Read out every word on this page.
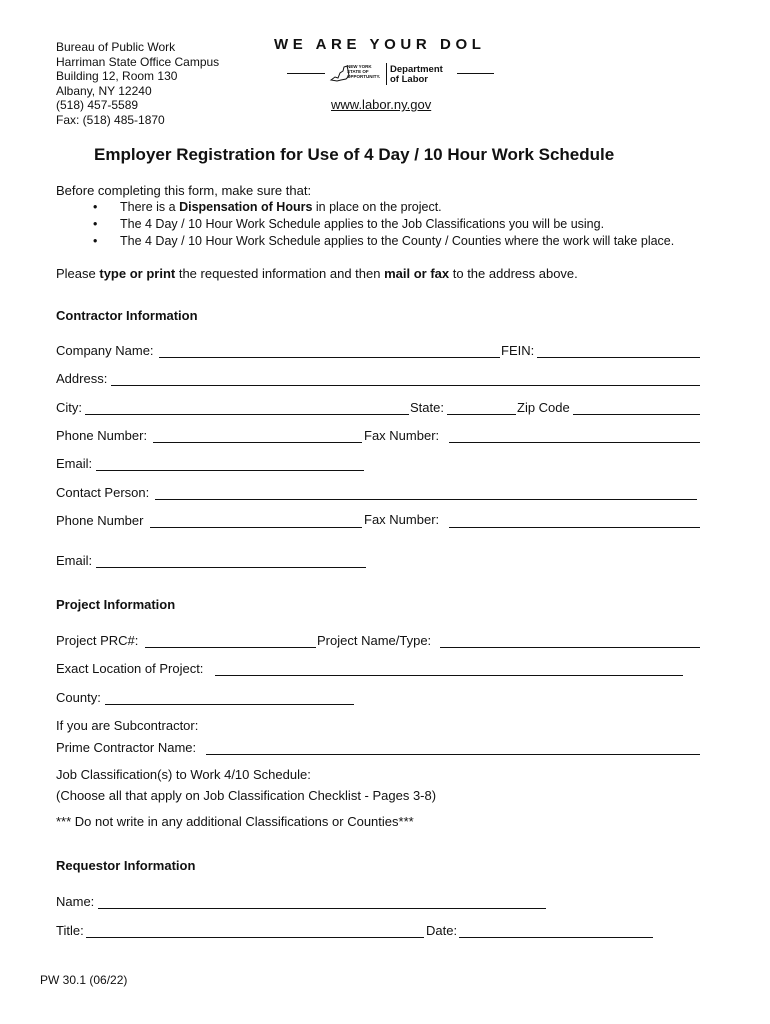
Bureau of Public Work
Harriman State Office Campus
Building 12, Room 130
Albany, NY 12240
(518) 457-5589
Fax: (518) 485-1870
WE ARE YOUR DOL
NEW YORK STATE OF OPPORTUNITY.
Department
of Labor
www.labor.ny.gov
Employer Registration for Use of 4 Day / 10 Hour Work Schedule
Before completing this form, make sure that:
• There is a Dispensation of Hours in place on the project.
• The 4 Day / 10 Hour Work Schedule applies to the Job Classifications you will be using.
• The 4 Day / 10 Hour Work Schedule applies to the County / Counties where the work will take place.
Please type or print the requested information and then mail or fax to the address above.
Contractor Information
Company Name:	FEIN:
Address:
City:	State:	Zip Code
Phone Number:	Fax Number:
Email:
Contact Person:
Phone Number	Fax Number:
Email:
Project Information
Project PRC#:	Project Name/Type:
Exact Location of Project:
County:
If you are Subcontractor:
Prime Contractor Name:
Job Classification(s) to Work 4/10 Schedule:
(Choose all that apply on Job Classification Checklist - Pages 3-8)
*** Do not write in any additional Classifications or Counties***
Requestor Information
Name:
Title:	Date:
PW 30.1 (06/22)
